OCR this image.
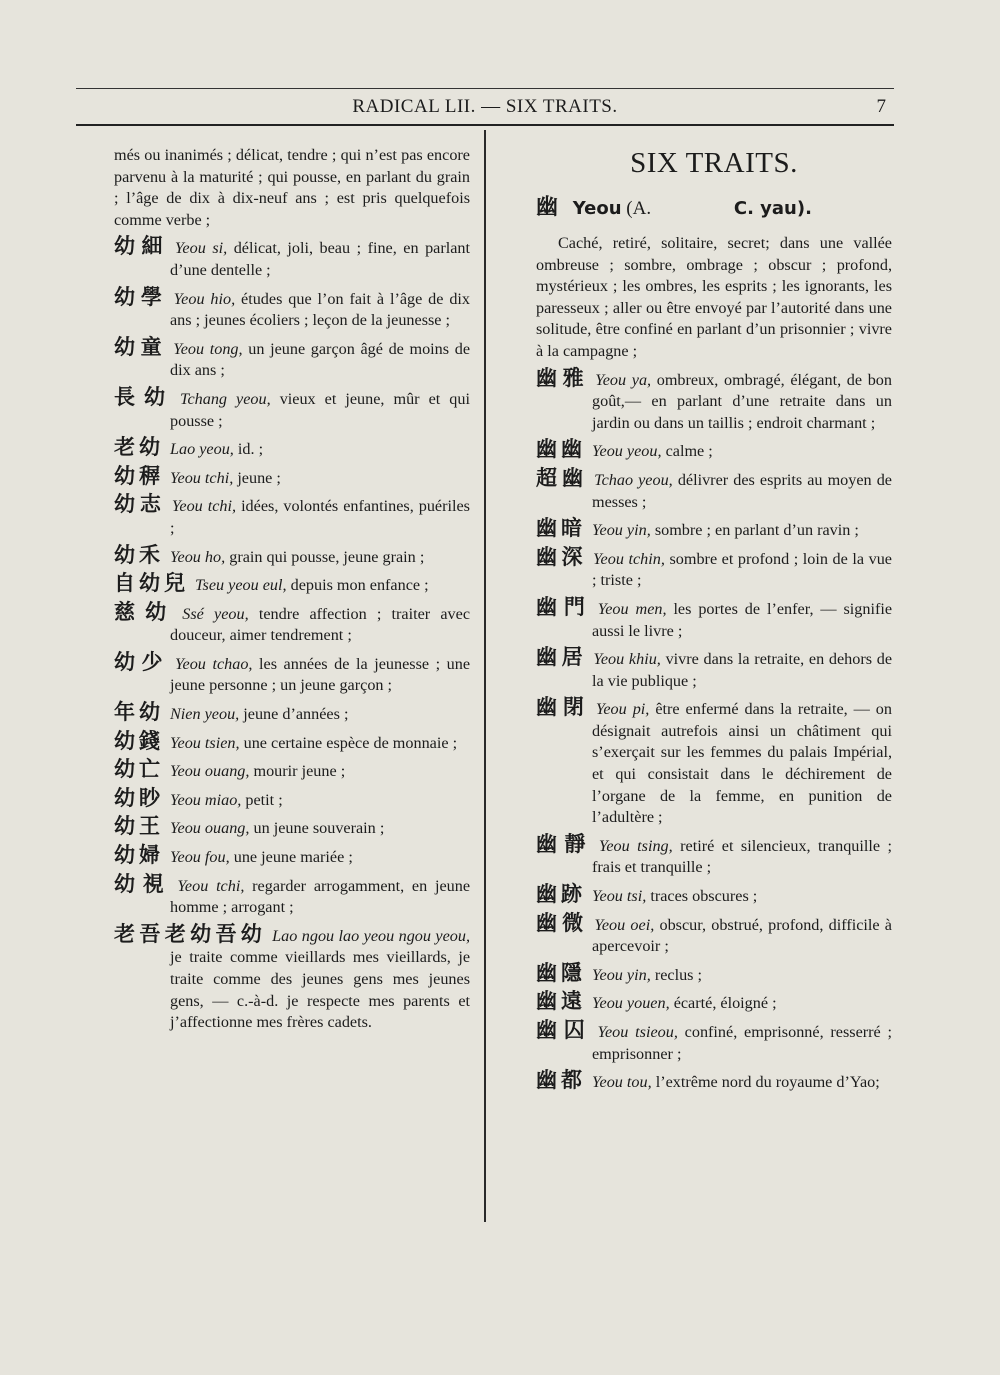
RADICAL LII. — SIX TRAITS.	7

més ou inanimés ; délicat, tendre ; qui n’est pas encore parvenu à la maturité ; qui pousse, en parlant du grain ; l’âge de dix à dix-neuf ans ; est pris quelquefois comme verbe ;

幼細 Yeou si, délicat, joli, beau ; fine, en parlant d’une dentelle ;
幼學 Yeou hio, études que l’on fait à l’âge de dix ans ; jeunes écoliers ; leçon de la jeunesse ;
幼童 Yeou tong, un jeune garçon âgé de moins de dix ans ;
長幼 Tchang yeou, vieux et jeune, mûr et qui pousse ;
老幼 Lao yeou, id. ;
幼稺 Yeou tchi, jeune ;
幼志 Yeou tchi, idées, volontés enfantines, puériles ;
幼禾 Yeou ho, grain qui pousse, jeune grain ;
自幼兒 Tseu yeou eul, depuis mon enfance ;
慈幼 Ssé yeou, tendre affection ; traiter avec douceur, aimer tendrement ;
幼少 Yeou tchao, les années de la jeunesse ; une jeune personne ; un jeune garçon ;
年幼 Nien yeou, jeune d’années ;
幼錢 Yeou tsien, une certaine espèce de monnaie ;
幼亡 Yeou ouang, mourir jeune ;
幼眇 Yeou miao, petit ;
幼王 Yeou ouang, un jeune souverain ;
幼婦 Yeou fou, une jeune mariée ;
幼視 Yeou tchi, regarder arrogamment, en jeune homme ; arrogant ;
老吾老幼吾幼 Lao ngou lao yeou ngou yeou, je traite comme vieillards mes vieillards, je traite comme des jeunes gens mes jeunes gens, — c.-à-d. je respecte mes parents et j’affectionne mes frères cadets.
SIX TRAITS.
幽 Yeou (A.	C. yau).

Caché, retiré, solitaire, secret; dans une vallée ombreuse ; sombre, ombrage ; obscur ; profond, mystérieux ; les ombres, les esprits ; les ignorants, les paresseux ; aller ou être envoyé par l’autorité dans une solitude, être confiné en parlant d’un prisonnier ; vivre à la campagne ;

幽雅 Yeou ya, ombreux, ombragé, élégant, de bon goût,— en parlant d’une retraite dans un jardin ou dans un taillis ; endroit charmant ;
幽幽 Yeou yeou, calme ;
超幽 Tchao yeou, délivrer des esprits au moyen de messes ;
幽暗 Yeou yin, sombre ; en parlant d’un ravin ;
幽深 Yeou tchin, sombre et profond ; loin de la vue ; triste ;
幽門 Yeou men, les portes de l’enfer, — signifie aussi le livre ;
幽居 Yeou khiu, vivre dans la retraite, en dehors de la vie publique ;
幽閉 Yeou pi, être enfermé dans la retraite, — on désignait autrefois ainsi un châtiment qui s’exerçait sur les femmes du palais Impérial, et qui consistait dans le déchirement de l’organe de la femme, en punition de l’adultère ;
幽靜 Yeou tsing, retiré et silencieux, tranquille ; frais et tranquille ;
幽跡 Yeou tsi, traces obscures ;
幽微 Yeou oei, obscur, obstrué, profond, difficile à apercevoir ;
幽隱 Yeou yin, reclus ;
幽遠 Yeou youen, écarté, éloigné ;
幽囚 Yeou tsieou, confiné, emprisonné, resserré ; emprisonner ;
幽都 Yeou tou, l’extrême nord du royaume d’Yao;
